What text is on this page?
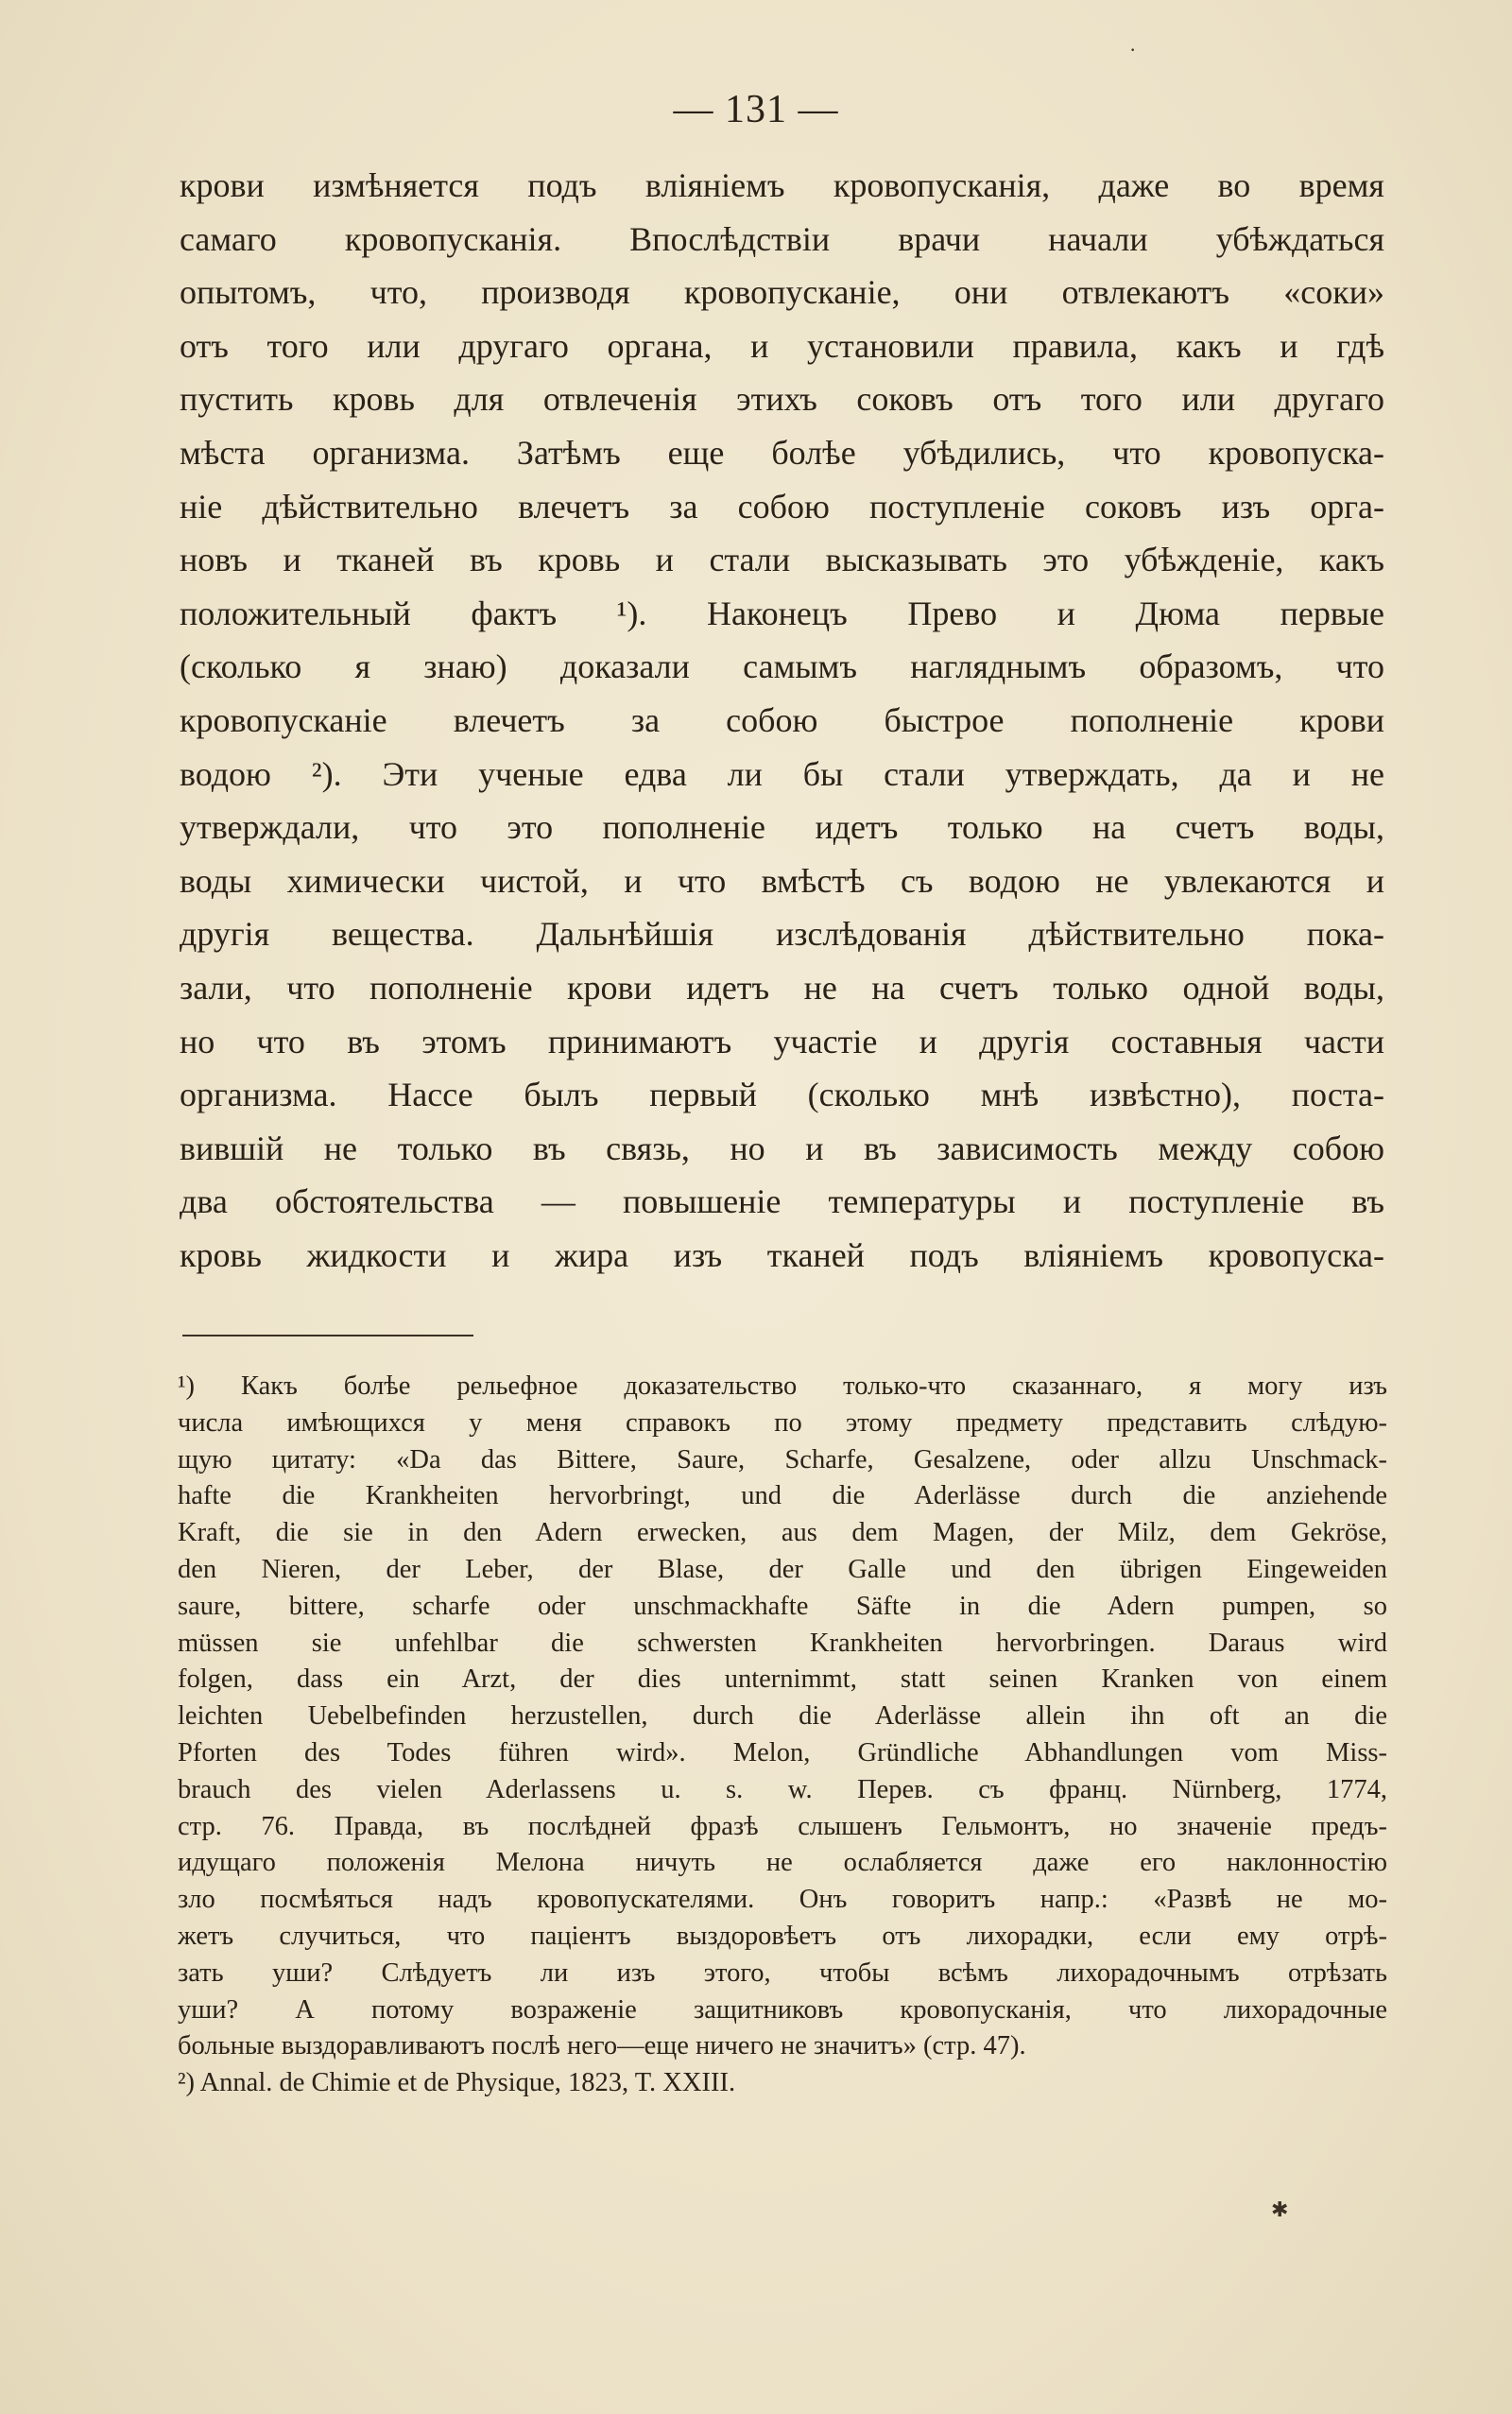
— 131 —
крови измѣняется подъ вліяніемъ кровопусканія, даже во время
самаго кровопусканія. Впослѣдствіи врачи начали убѣждаться
опытомъ, что, производя кровопусканіе, они отвлекаютъ «соки»
отъ того или другаго органа, и установили правила, какъ и гдѣ
пустить кровь для отвлеченія этихъ соковъ отъ того или другаго
мѣста организма. Затѣмъ еще болѣе убѣдились, что кровопуска-
ніе дѣйствительно влечетъ за собою поступленіе соковъ изъ орга-
новъ и тканей въ кровь и стали высказывать это убѣжденіе, какъ
положительный фактъ ¹). Наконецъ Прево и Дюма первые
(сколько я знаю) доказали самымъ нагляднымъ образомъ, что
кровопусканіе влечетъ за собою быстрое пополненіе крови
водою ²). Эти ученые едва ли бы стали утверждать, да и не
утверждали, что это пополненіе идетъ только на счетъ воды,
воды химически чистой, и что вмѣстѣ съ водою не увлекаются и
другія вещества. Дальнѣйшія изслѣдованія дѣйствительно пока-
зали, что пополненіе крови идетъ не на счетъ только одной воды,
но что въ этомъ принимаютъ участіе и другія составныя части
организма. Нассе былъ первый (сколько мнѣ извѣстно), поста-
вившій не только въ связь, но и въ зависимость между собою
два обстоятельства — повышеніе температуры и поступленіе въ
кровь жидкости и жира изъ тканей подъ вліяніемъ кровопуска-
¹) Какъ болѣе рельефное доказательство только-что сказаннаго, я могу изъ
числа имѣющихся у меня справокъ по этому предмету представить слѣдую-
щую цитату: «Da das Bittere, Saure, Scharfe, Gesalzene, oder allzu Unschmack-
hafte die Krankheiten hervorbringt, und die Aderlässe durch die anziehende
Kraft, die sie in den Adern erwecken, aus dem Magen, der Milz, dem Gekröse,
den Nieren, der Leber, der Blase, der Galle und den übrigen Eingeweiden
saure, bittere, scharfe oder unschmackhafte Säfte in die Adern pumpen, so
müssen sie unfehlbar die schwersten Krankheiten hervorbringen. Daraus wird
folgen, dass ein Arzt, der dies unternimmt, statt seinen Kranken von einem
leichten Uebelbefinden herzustellen, durch die Aderlässe allein ihn oft an die
Pforten des Todes führen wird». Melon, Gründliche Abhandlungen vom Miss-
brauch des vielen Aderlassens u. s. w. Перев. съ франц. Nürnberg, 1774,
стр. 76. Правда, въ послѣдней фразѣ слышенъ Гельмонтъ, но значеніе предъ-
идущаго положенія Мелона ничуть не ослабляется даже его наклонностію
зло посмѣяться надъ кровопускателями. Онъ говоритъ напр.: «Развѣ не мо-
жетъ случиться, что паціентъ выздоровѣетъ отъ лихорадки, если ему отрѣ-
зать уши? Слѣдуетъ ли изъ этого, чтобы всѣмъ лихорадочнымъ отрѣзать
уши? А потому возраженіе защитниковъ кровопусканія, что лихорадочные
больные выздоравливаютъ послѣ него—еще ничего не значитъ» (стр. 47).
²) Annal. de Chimie et de Physique, 1823, T. XXIII.
·
✱
